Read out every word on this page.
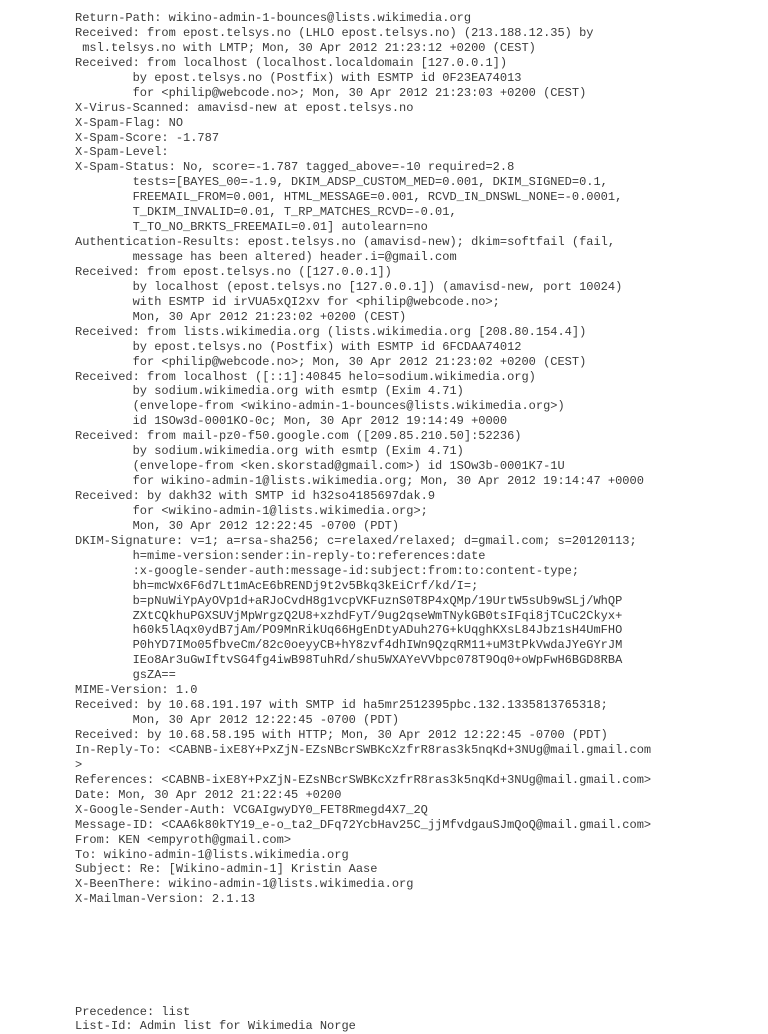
Return-Path: wikino-admin-1-bounces@lists.wikimedia.org
Received: from epost.telsys.no (LHLO epost.telsys.no) (213.188.12.35) by
msl.telsys.no with LMTP; Mon, 30 Apr 2012 21:23:12 +0200 (CEST)
Received: from localhost (localhost.localdomain [127.0.0.1])
by epost.telsys.no (Postfix) with ESMTP id 0F23EA74013
for <philip@webcode.no>; Mon, 30 Apr 2012 21:23:03 +0200 (CEST)
X-Virus-Scanned: amavisd-new at epost.telsys.no
X-Spam-Flag: NO
X-Spam-Score: -1.787
X-Spam-Level:
X-Spam-Status: No, score=-1.787 tagged_above=-10 required=2.8
tests=[BAYES_00=-1.9, DKIM_ADSP_CUSTOM_MED=0.001, DKIM_SIGNED=0.1,
FREEMAIL_FROM=0.001, HTML_MESSAGE=0.001, RCVD_IN_DNSWL_NONE=-0.0001,
T_DKIM_INVALID=0.01, T_RP_MATCHES_RCVD=-0.01,
T_TO_NO_BRKTS_FREEMAIL=0.01] autolearn=no
Authentication-Results: epost.telsys.no (amavisd-new); dkim=softfail (fail,
message has been altered) header.i=@gmail.com
Received: from epost.telsys.no ([127.0.0.1])
by localhost (epost.telsys.no [127.0.0.1]) (amavisd-new, port 10024)
with ESMTP id irVUA5xQI2xv for <philip@webcode.no>;
Mon, 30 Apr 2012 21:23:02 +0200 (CEST)
Received: from lists.wikimedia.org (lists.wikimedia.org [208.80.154.4])
by epost.telsys.no (Postfix) with ESMTP id 6FCDAA74012
for <philip@webcode.no>; Mon, 30 Apr 2012 21:23:02 +0200 (CEST)
Received: from localhost ([::1]:40845 helo=sodium.wikimedia.org)
by sodium.wikimedia.org with esmtp (Exim 4.71)
(envelope-from <wikino-admin-1-bounces@lists.wikimedia.org>)
id 1SOw3d-0001KO-0c; Mon, 30 Apr 2012 19:14:49 +0000
Received: from mail-pz0-f50.google.com ([209.85.210.50]:52236)
by sodium.wikimedia.org with esmtp (Exim 4.71)
(envelope-from <ken.skorstad@gmail.com>) id 1SOw3b-0001K7-1U
for wikino-admin-1@lists.wikimedia.org; Mon, 30 Apr 2012 19:14:47 +0000
Received: by dakh32 with SMTP id h32so4185697dak.9
for <wikino-admin-1@lists.wikimedia.org>;
Mon, 30 Apr 2012 12:22:45 -0700 (PDT)
DKIM-Signature: v=1; a=rsa-sha256; c=relaxed/relaxed; d=gmail.com; s=20120113;
h=mime-version:sender:in-reply-to:references:date
:x-google-sender-auth:message-id:subject:from:to:content-type;
bh=mcWx6F6d7Lt1mAcE6bRENDj9t2v5Bkq3kEiCrf/kd/I=;
b=pNuWiYpAyOVp1d+aRJoCvdH8g1vcpVKFuznS0T8P4xQMp/19UrtW5sUb9wSLj/WhQP
ZXtCQkhuPGXSUVjMpWrgzQ2U8+xzhdFyT/9ug2qseWmTNykGB0tsIFqi8jTCuC2Ckyx+
h60k5lAqx0ydB7jAm/PO9MnRikUq66HgEnDtyADuh27G+kUqghKXsL84Jbz1sH4UmFHO
P0hYD7IMo05fbveCm/82c0oeyyCB+hY8zvf4dhIWn9QzqRM11+uM3tPkVwdaJYeGYrJM
IEo8Ar3uGwIftvSG4fg4iwB98TuhRd/shu5WXAYeVVbpc078T9Oq0+oWpFwH6BGD8RBA
gsZA==
MIME-Version: 1.0
Received: by 10.68.191.197 with SMTP id ha5mr2512395pbc.132.1335813765318;
Mon, 30 Apr 2012 12:22:45 -0700 (PDT)
Received: by 10.68.58.195 with HTTP; Mon, 30 Apr 2012 12:22:45 -0700 (PDT)
In-Reply-To: <CABNB-ixE8Y+PxZjN-EZsNBcrSWBKcXzfrR8ras3k5nqKd+3NUg@mail.gmail.com
>
References: <CABNB-ixE8Y+PxZjN-EZsNBcrSWBKcXzfrR8ras3k5nqKd+3NUg@mail.gmail.com>
Date: Mon, 30 Apr 2012 21:22:45 +0200
X-Google-Sender-Auth: VCGAIgwyDY0_FET8Rmegd4X7_2Q
Message-ID: <CAA6k80kTY19_e-o_ta2_DFq72YcbHav25C_jjMfvdgauSJmQoQ@mail.gmail.com>
From: KEN <empyroth@gmail.com>
To: wikino-admin-1@lists.wikimedia.org
Subject: Re: [Wikino-admin-1] Kristin Aase
X-BeenThere: wikino-admin-1@lists.wikimedia.org
X-Mailman-Version: 2.1.13
Precedence: list
List-Id: Admin list for Wikimedia Norge
